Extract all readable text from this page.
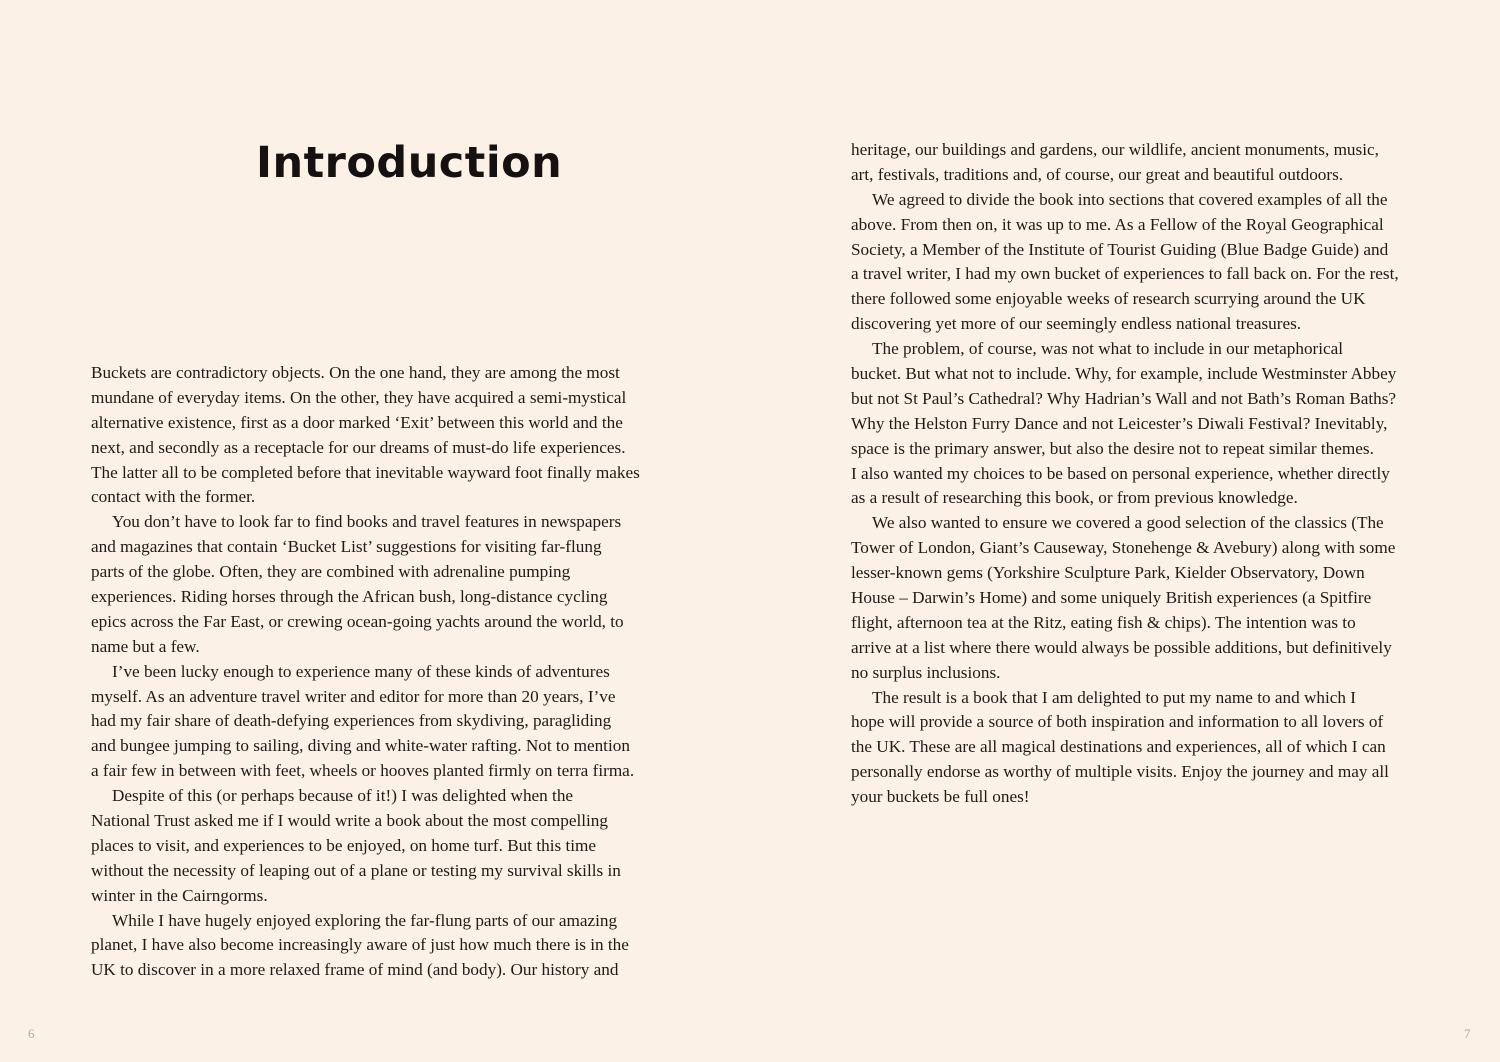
Introduction
Buckets are contradictory objects. On the one hand, they are among the most
mundane of everyday items. On the other, they have acquired a semi-mystical
alternative existence, first as a door marked ‘Exit’ between this world and the
next, and secondly as a receptacle for our dreams of must-do life experiences.
The latter all to be completed before that inevitable wayward foot finally makes
contact with the former.
You don’t have to look far to find books and travel features in newspapers
and magazines that contain ‘Bucket List’ suggestions for visiting far-flung
parts of the globe. Often, they are combined with adrenaline pumping
experiences. Riding horses through the African bush, long-distance cycling
epics across the Far East, or crewing ocean-going yachts around the world, to
name but a few.
I’ve been lucky enough to experience many of these kinds of adventures
myself. As an adventure travel writer and editor for more than 20 years, I’ve
had my fair share of death-defying experiences from skydiving, paragliding
and bungee jumping to sailing, diving and white-water rafting. Not to mention
a fair few in between with feet, wheels or hooves planted firmly on terra firma.
Despite of this (or perhaps because of it!) I was delighted when the
National Trust asked me if I would write a book about the most compelling
places to visit, and experiences to be enjoyed, on home turf. But this time
without the necessity of leaping out of a plane or testing my survival skills in
winter in the Cairngorms.
While I have hugely enjoyed exploring the far-flung parts of our amazing
planet, I have also become increasingly aware of just how much there is in the
UK to discover in a more relaxed frame of mind (and body). Our history and
6
heritage, our buildings and gardens, our wildlife, ancient monuments, music,
art, festivals, traditions and, of course, our great and beautiful outdoors.
We agreed to divide the book into sections that covered examples of all the
above. From then on, it was up to me. As a Fellow of the Royal Geographical
Society, a Member of the Institute of Tourist Guiding (Blue Badge Guide) and
a travel writer, I had my own bucket of experiences to fall back on. For the rest,
there followed some enjoyable weeks of research scurrying around the UK
discovering yet more of our seemingly endless national treasures.
The problem, of course, was not what to include in our metaphorical
bucket. But what not to include. Why, for example, include Westminster Abbey
but not St Paul’s Cathedral? Why Hadrian’s Wall and not Bath’s Roman Baths?
Why the Helston Furry Dance and not Leicester’s Diwali Festival? Inevitably,
space is the primary answer, but also the desire not to repeat similar themes.
I also wanted my choices to be based on personal experience, whether directly
as a result of researching this book, or from previous knowledge.
We also wanted to ensure we covered a good selection of the classics (The
Tower of London, Giant’s Causeway, Stonehenge & Avebury) along with some
lesser-known gems (Yorkshire Sculpture Park, Kielder Observatory, Down
House – Darwin’s Home) and some uniquely British experiences (a Spitfire
flight, afternoon tea at the Ritz, eating fish & chips). The intention was to
arrive at a list where there would always be possible additions, but definitively
no surplus inclusions.
The result is a book that I am delighted to put my name to and which I
hope will provide a source of both inspiration and information to all lovers of
the UK. These are all magical destinations and experiences, all of which I can
personally endorse as worthy of multiple visits. Enjoy the journey and may all
your buckets be full ones!
7
